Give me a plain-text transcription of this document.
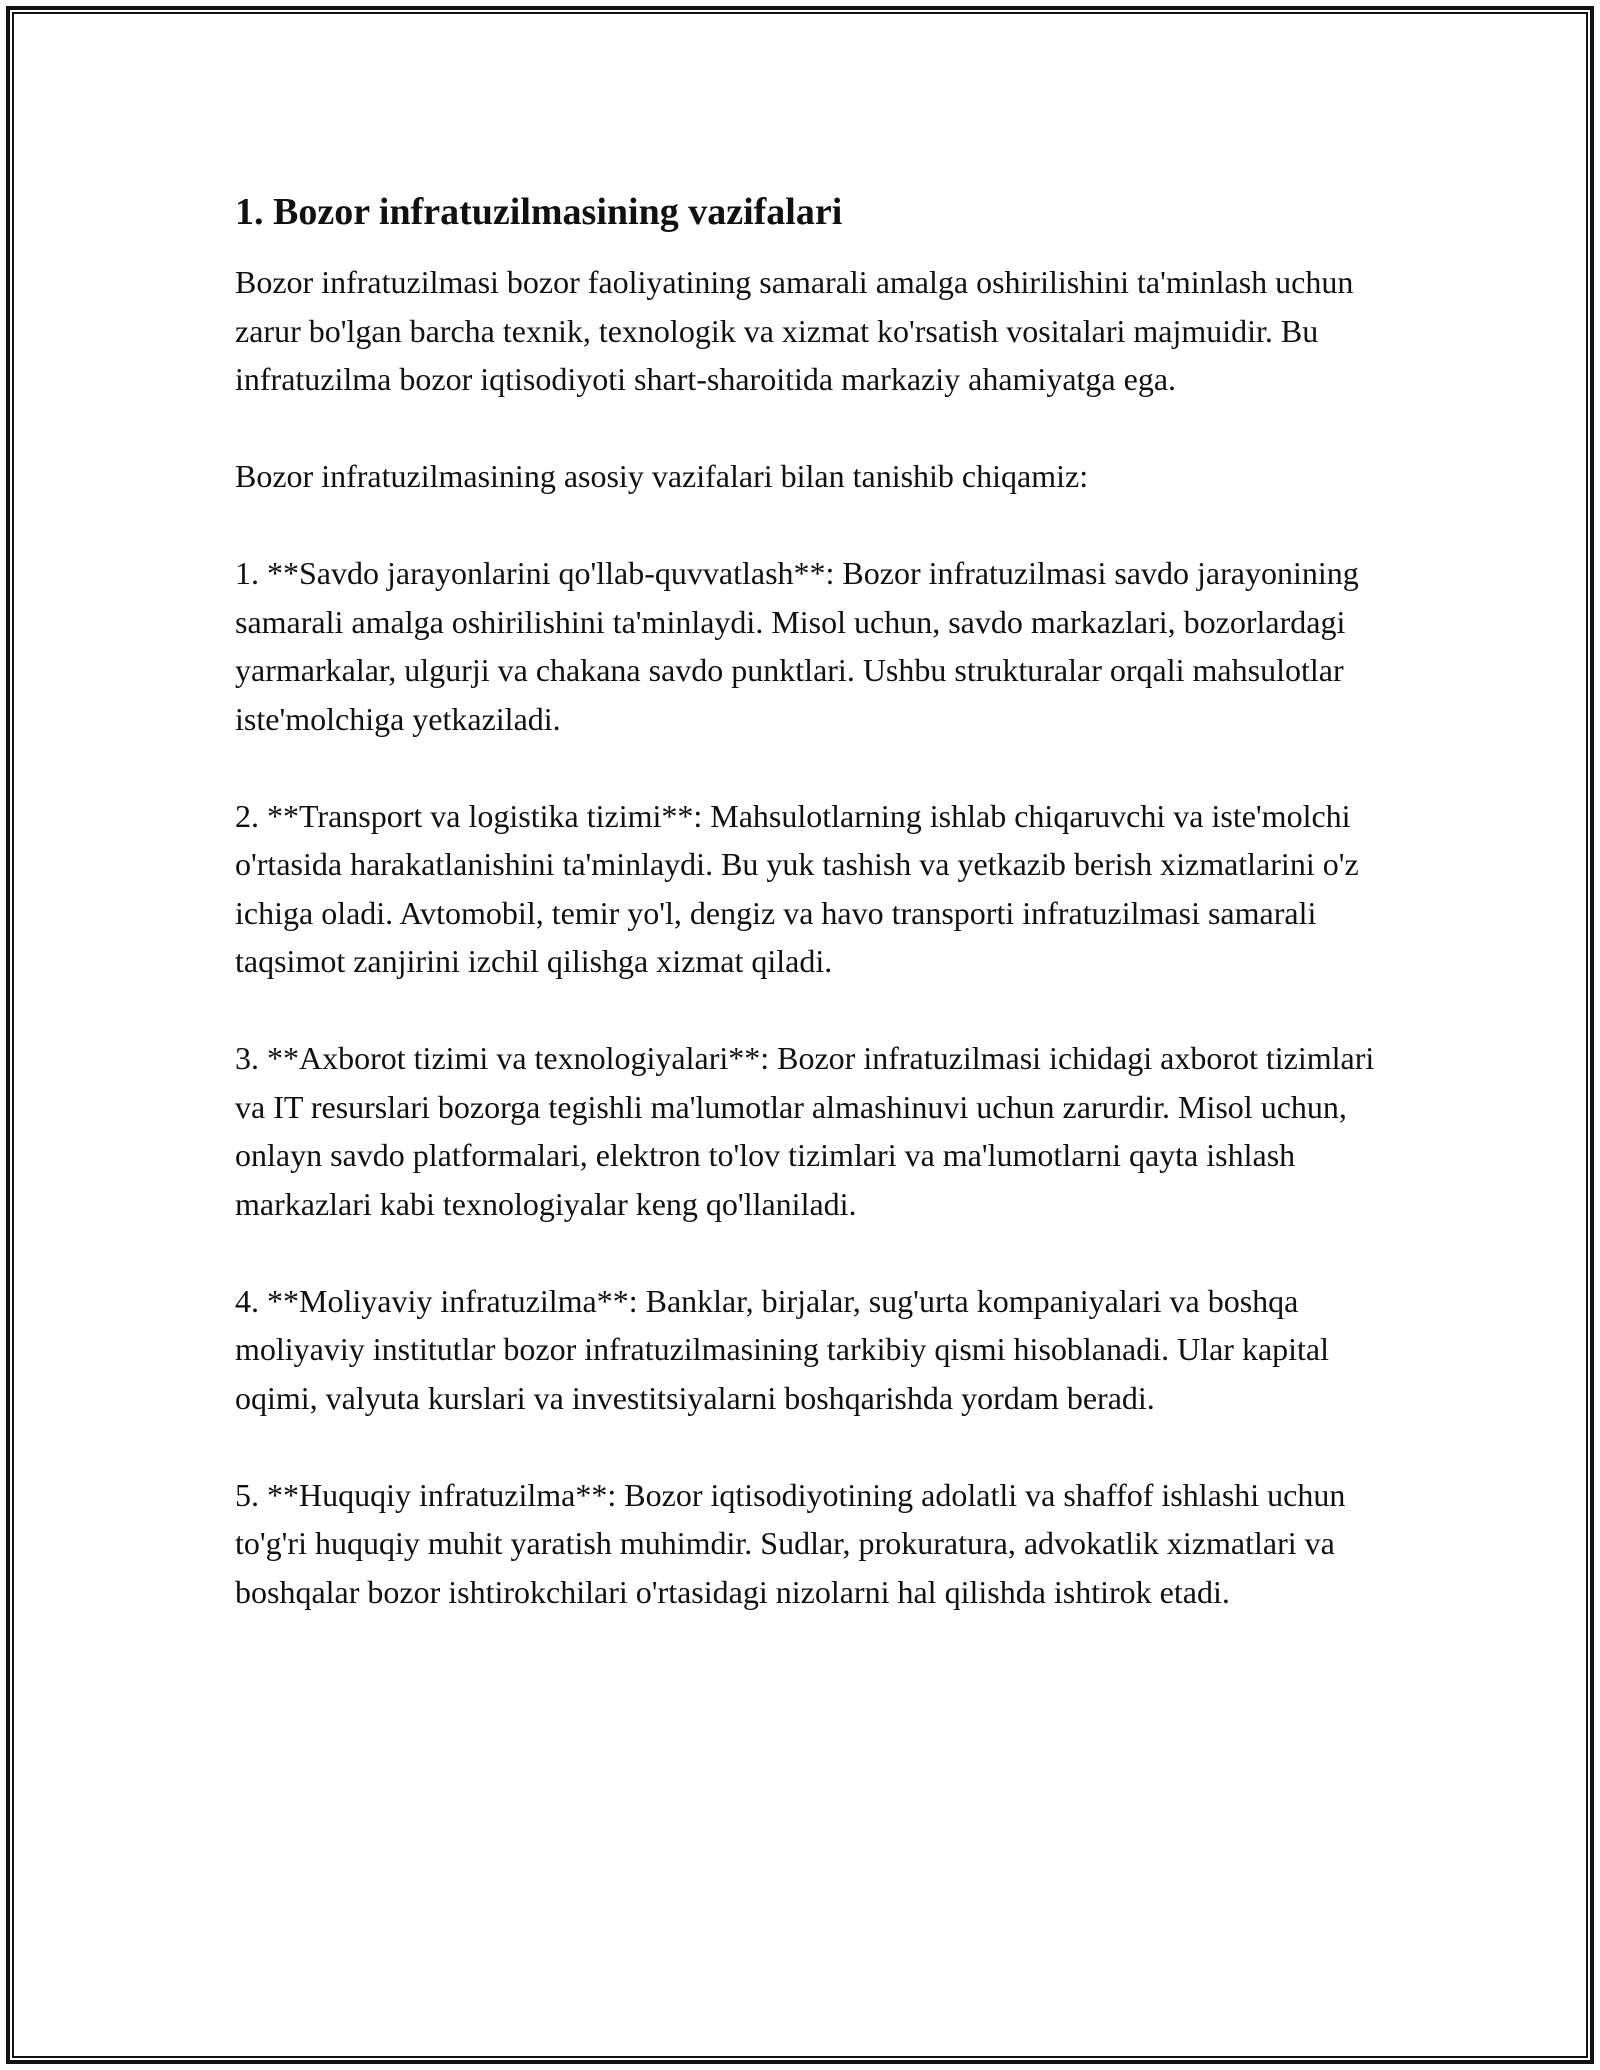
1. Bozor infratuzilmasining vazifalari

Bozor infratuzilmasi bozor faoliyatining samarali amalga oshirilishini ta'minlash uchun zarur bo'lgan barcha texnik, texnologik va xizmat ko'rsatish vositalari majmuidir. Bu infratuzilma bozor iqtisodiyoti shart-sharoitida markaziy ahamiyatga ega.

Bozor infratuzilmasining asosiy vazifalari bilan tanishib chiqamiz:

1. **Savdo jarayonlarini qo'llab-quvvatlash**: Bozor infratuzilmasi savdo jarayonining samarali amalga oshirilishini ta'minlaydi. Misol uchun, savdo markazlari, bozorlardagi yarmarkalar, ulgurji va chakana savdo punktlari. Ushbu strukturalar orqali mahsulotlar iste'molchiga yetkaziladi.

2. **Transport va logistika tizimi**: Mahsulotlarning ishlab chiqaruvchi va iste'molchi o'rtasida harakatlanishini ta'minlaydi. Bu yuk tashish va yetkazib berish xizmatlarini o'z ichiga oladi. Avtomobil, temir yo'l, dengiz va havo transporti infratuzilmasi samarali taqsimot zanjirini izchil qilishga xizmat qiladi.

3. **Axborot tizimi va texnologiyalari**: Bozor infratuzilmasi ichidagi axborot tizimlari va IT resurslari bozorga tegishli ma'lumotlar almashinuvi uchun zarurdir. Misol uchun, onlayn savdo platformalari, elektron to'lov tizimlari va ma'lumotlarni qayta ishlash markazlari kabi texnologiyalar keng qo'llaniladi.

4. **Moliyaviy infratuzilma**: Banklar, birjalar, sug'urta kompaniyalari va boshqa moliyaviy institutlar bozor infratuzilmasining tarkibiy qismi hisoblanadi. Ular kapital oqimi, valyuta kurslari va investitsiyalarni boshqarishda yordam beradi.

5. **Huquqiy infratuzilma**: Bozor iqtisodiyotining adolatli va shaffof ishlashi uchun to'g'ri huquqiy muhit yaratish muhimdir. Sudlar, prokuratura, advokatlik xizmatlari va boshqalar bozor ishtirokchilari o'rtasidagi nizolarni hal qilishda ishtirok etadi.
